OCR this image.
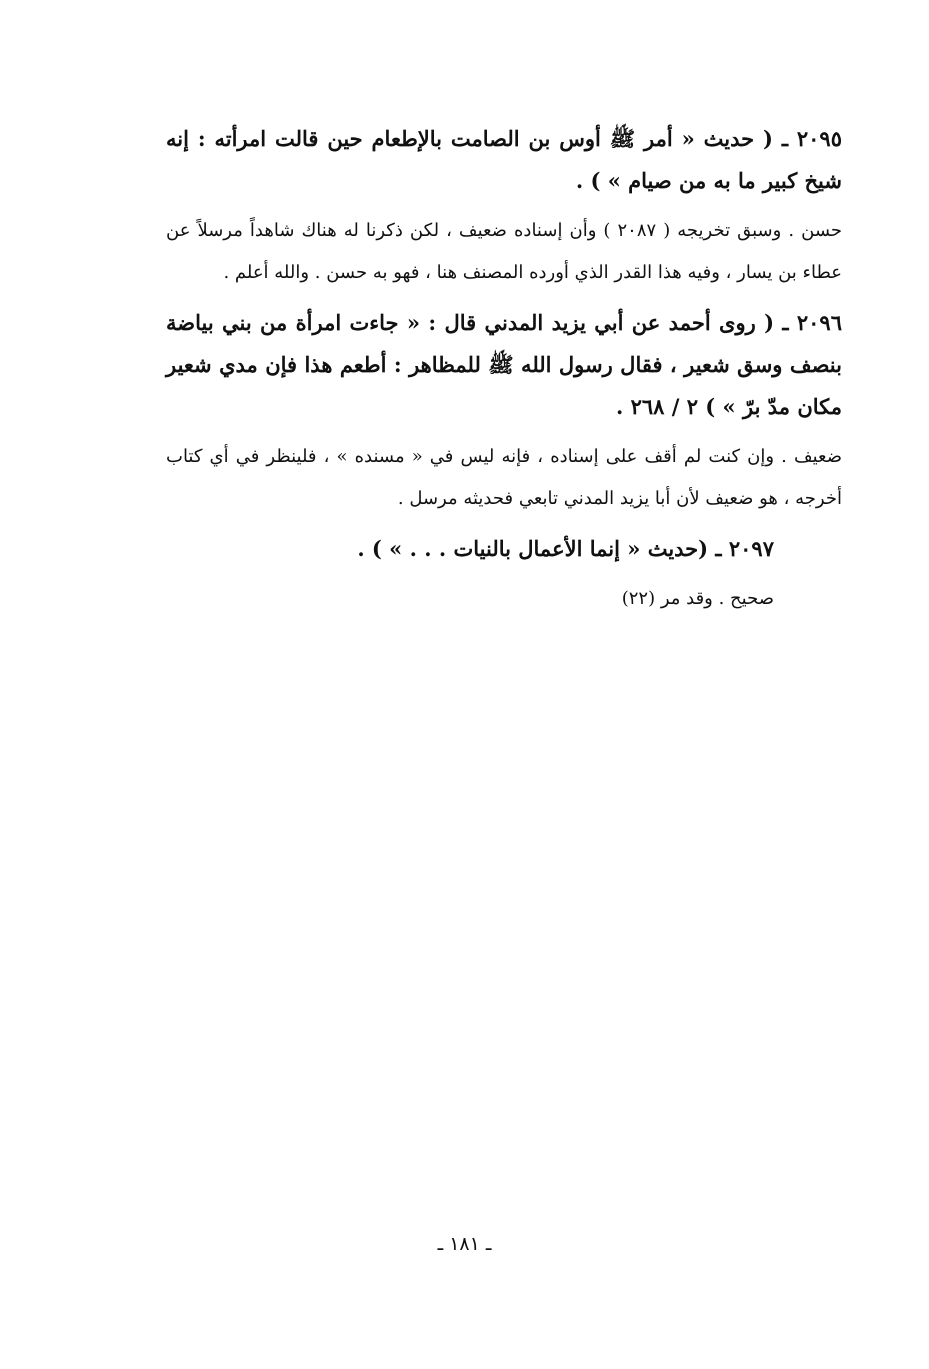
٢٠٩٥ ـ ( حديث « أمر ﷺ أوس بن الصامت بالإطعام حين قالت امرأته : إنه شيخ كبير ما به من صيام » ) .

حسن . وسبق تخريجه ( ٢٠٨٧ ) وأن إسناده ضعيف ، لكن ذكرنا له هناك شاهداً مرسلاً عن عطاء بن يسار ، وفيه هذا القدر الذي أورده المصنف هنا ، فهو به حسن . والله أعلم .

٢٠٩٦ ـ ( روى أحمد عن أبي يزيد المدني قال : « جاءت امرأة من بني بياضة بنصف وسق شعير ، فقال رسول الله ﷺ للمظاهر : أطعم هذا فإن مدي شعير مكان مدّ برّ » ) ٢ / ٢٦٨ .

ضعيف . وإن كنت لم أقف على إسناده ، فإنه ليس في « مسنده » ، فلينظر في أي كتاب أخرجه ، هو ضعيف لأن أبا يزيد المدني تابعي فحديثه مرسل .

٢٠٩٧ ـ (حديث « إنما الأعمال بالنيات . . . » ) .

صحيح . وقد مر (٢٢)

ـ ١٨١ ـ
